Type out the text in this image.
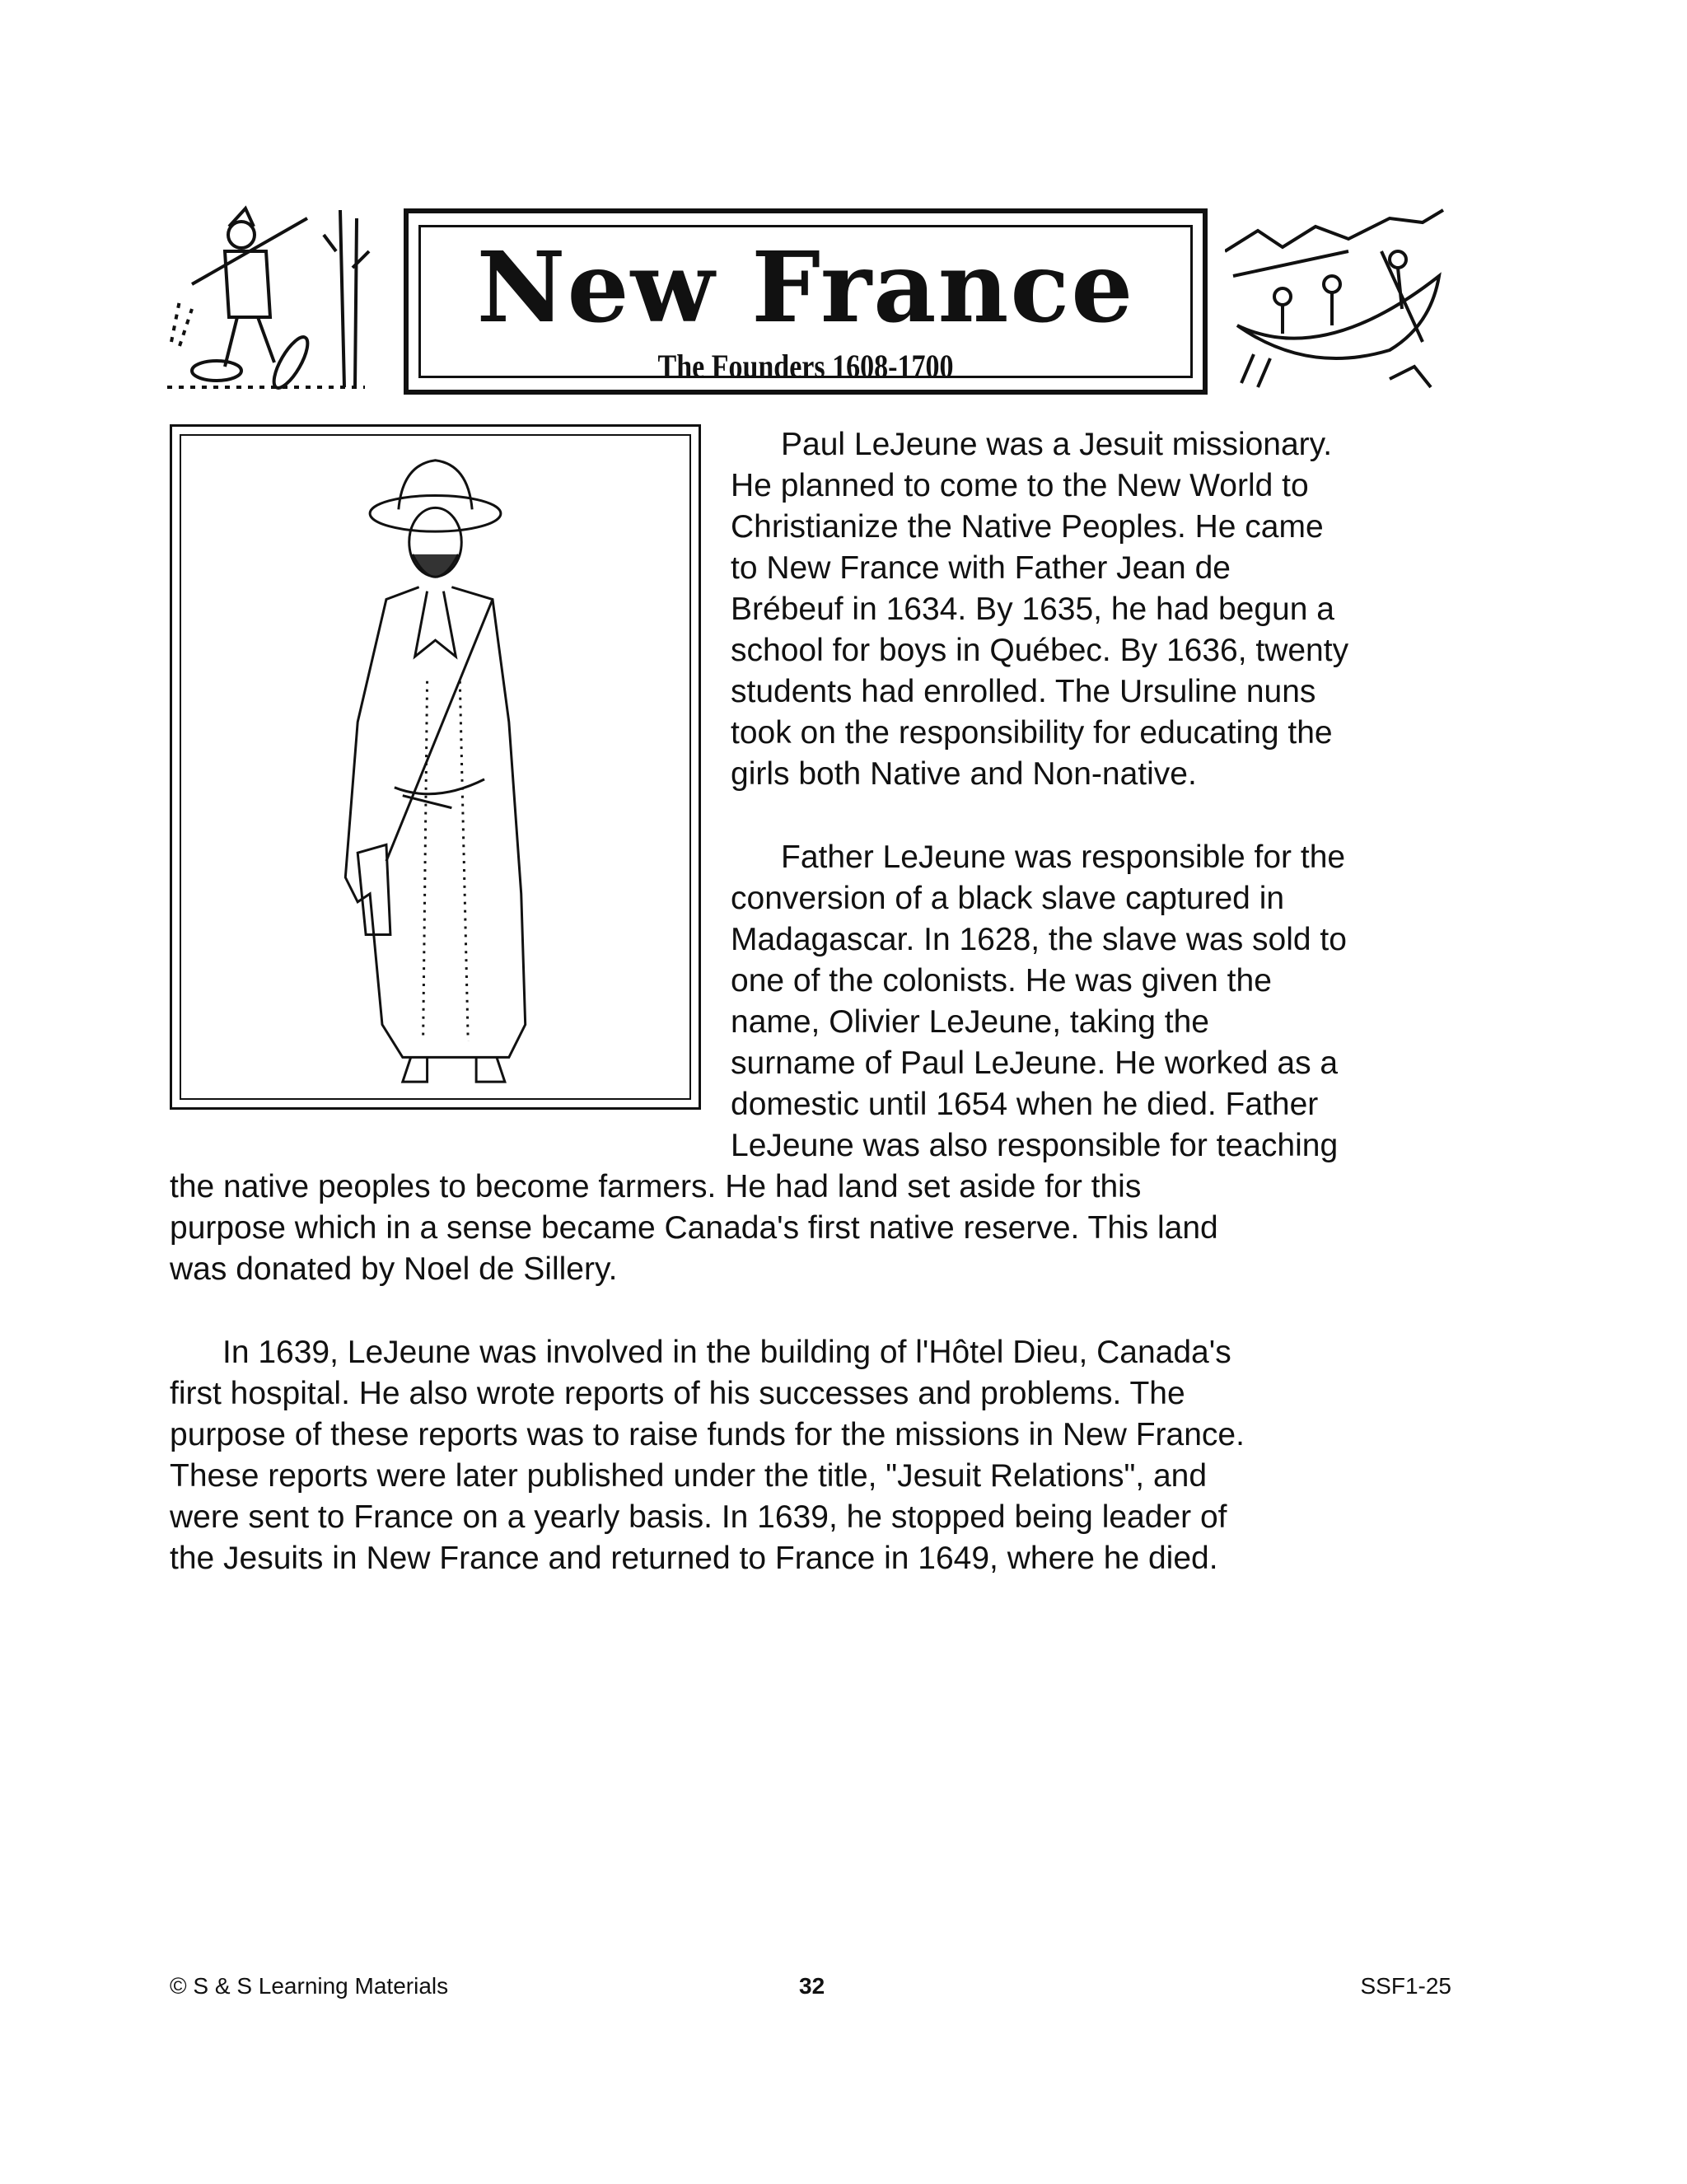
New France
The Founders 1608-1700
Paul LeJeune was a Jesuit missionary.
He planned to come to the New World to
Christianize the Native Peoples. He came
to New France with Father Jean de
Brébeuf in 1634. By 1635, he had begun a
school for boys in Québec. By 1636, twenty
students had enrolled. The Ursuline nuns
took on the responsibility for educating the
girls both Native and Non-native.
Father LeJeune was responsible for the
conversion of a black slave captured in
Madagascar. In 1628, the slave was sold to
one of the colonists. He was given the
name, Olivier LeJeune, taking the
surname of Paul LeJeune. He worked as a
domestic until 1654 when he died. Father
LeJeune was also responsible for teaching
the native peoples to become farmers. He had land set aside for this
purpose which in a sense became Canada's first native reserve. This land
was donated by Noel de Sillery.
In 1639, LeJeune was involved in the building of l'Hôtel Dieu, Canada's
first hospital. He also wrote reports of his successes and problems. The
purpose of these reports was to raise funds for the missions in New France.
These reports were later published under the title, "Jesuit Relations", and
were sent to France on a yearly basis. In 1639, he stopped being leader of
the Jesuits in New France and returned to France in 1649, where he died.
© S & S Learning Materials	32	SSF1-25
